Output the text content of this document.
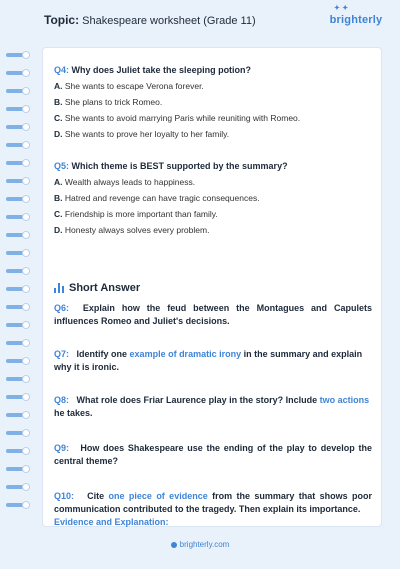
Topic: Shakespeare worksheet (Grade 11)
✦ ✦
brighterly
Q4: Why does Juliet take the sleeping potion?
A. She wants to escape Verona forever.
B. She plans to trick Romeo.
C. She wants to avoid marrying Paris while reuniting with Romeo.
D. She wants to prove her loyalty to her family.
Q5: Which theme is BEST supported by the summary?
A. Wealth always leads to happiness.
B. Hatred and revenge can have tragic consequences.
C. Friendship is more important than family.
D. Honesty always solves every problem.
Short Answer
Q6: Explain how the feud between the Montagues and Capulets influences Romeo and Juliet's decisions.
Q7: Identify one example of dramatic irony in the summary and explain why it is ironic.
Q8: What role does Friar Laurence play in the story? Include two actions he takes.
Q9: How does Shakespeare use the ending of the play to develop the central theme?
Q10: Cite one piece of evidence from the summary that shows poor communication contributed to the tragedy. Then explain its importance.
Evidence and Explanation:
brighterly.com
